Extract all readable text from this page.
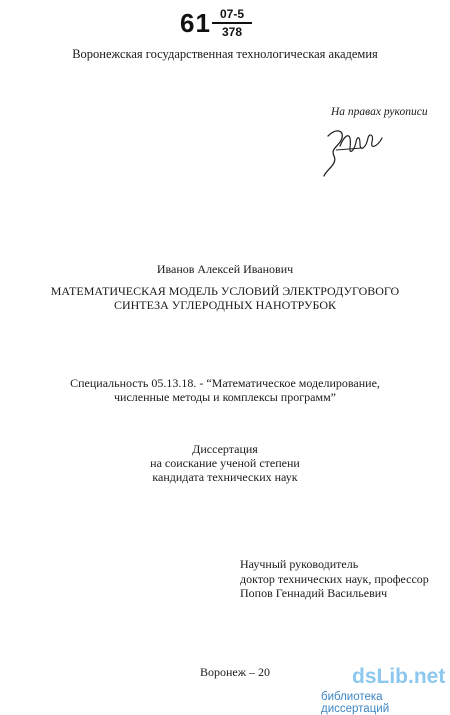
61 07-5
378
Воронежская государственная технологическая академия
На правах рукописи
Иванов Алексей Иванович
МАТЕМАТИЧЕСКАЯ МОДЕЛЬ УСЛОВИЙ ЭЛЕКТРОДУГОВОГО
СИНТЕЗА УГЛЕРОДНЫХ НАНОТРУБОК
Специальность 05.13.18. - “Математическое моделирование,
численные методы и комплексы программ”
Диссертация
на соискание ученой степени
кандидата технических наук
Научный руководитель
доктор технических наук, профессор
Попов Геннадий Васильевич
Воронеж – 20	dsLib.net
библиотека диссертаций
